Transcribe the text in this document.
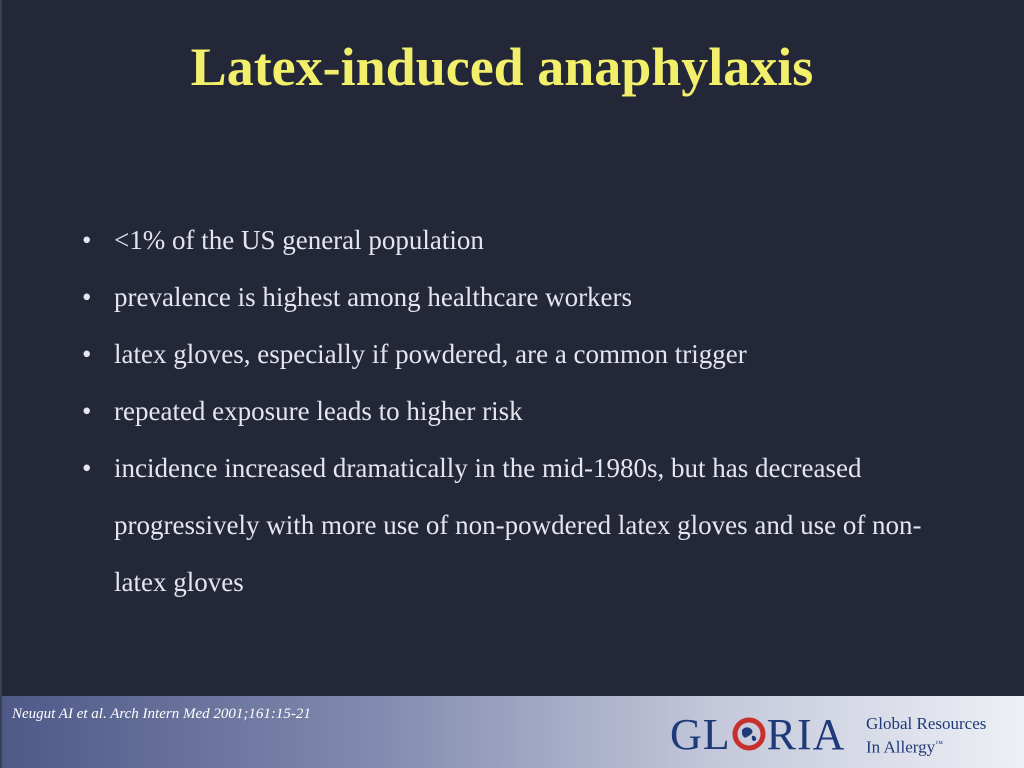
Latex-induced anaphylaxis
• <1% of the US general population
• prevalence is highest among healthcare workers
• latex gloves, especially if powdered, are a common trigger
• repeated exposure leads to higher risk
• incidence increased dramatically in the mid-1980s, but has decreased progressively with more use of non-powdered latex gloves and use of non-latex gloves
Neugut AI et al. Arch Intern Med 2001;161:15-21	GL RIA Global Resources
In Allergy™
